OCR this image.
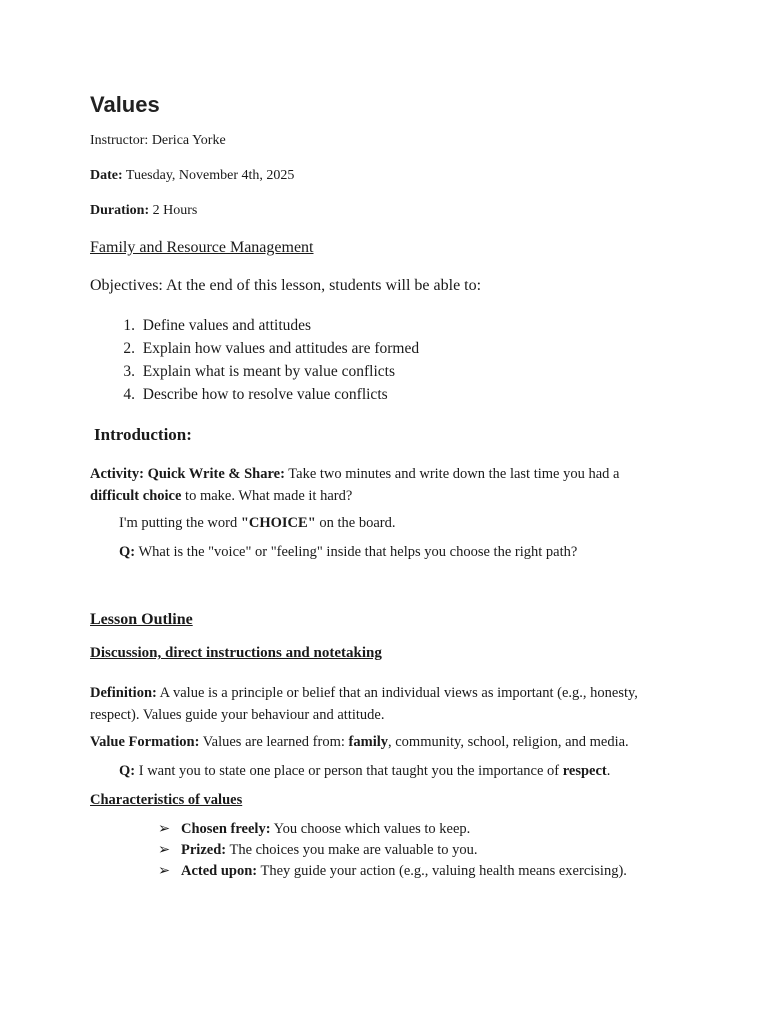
Values
Instructor: Derica Yorke
Date: Tuesday, November 4th, 2025
Duration: 2 Hours
Family and Resource Management
Objectives: At the end of this lesson, students will be able to:
1. Define values and attitudes
2. Explain how values and attitudes are formed
3. Explain what is meant by value conflicts
4. Describe how to resolve value conflicts
Introduction:
Activity: Quick Write & Share: Take two minutes and write down the last time you had a difficult choice to make. What made it hard?
I'm putting the word "CHOICE" on the board.
Q: What is the "voice" or "feeling" inside that helps you choose the right path?
Lesson Outline
Discussion, direct instructions and notetaking
Definition: A value is a principle or belief that an individual views as important (e.g., honesty, respect). Values guide your behaviour and attitude.
Value Formation: Values are learned from: family, community, school, religion, and media.
Q: I want you to state one place or person that taught you the importance of respect.
Characteristics of values
➢ Chosen freely: You choose which values to keep.
➢ Prized: The choices you make are valuable to you.
➢ Acted upon: They guide your action (e.g., valuing health means exercising).
